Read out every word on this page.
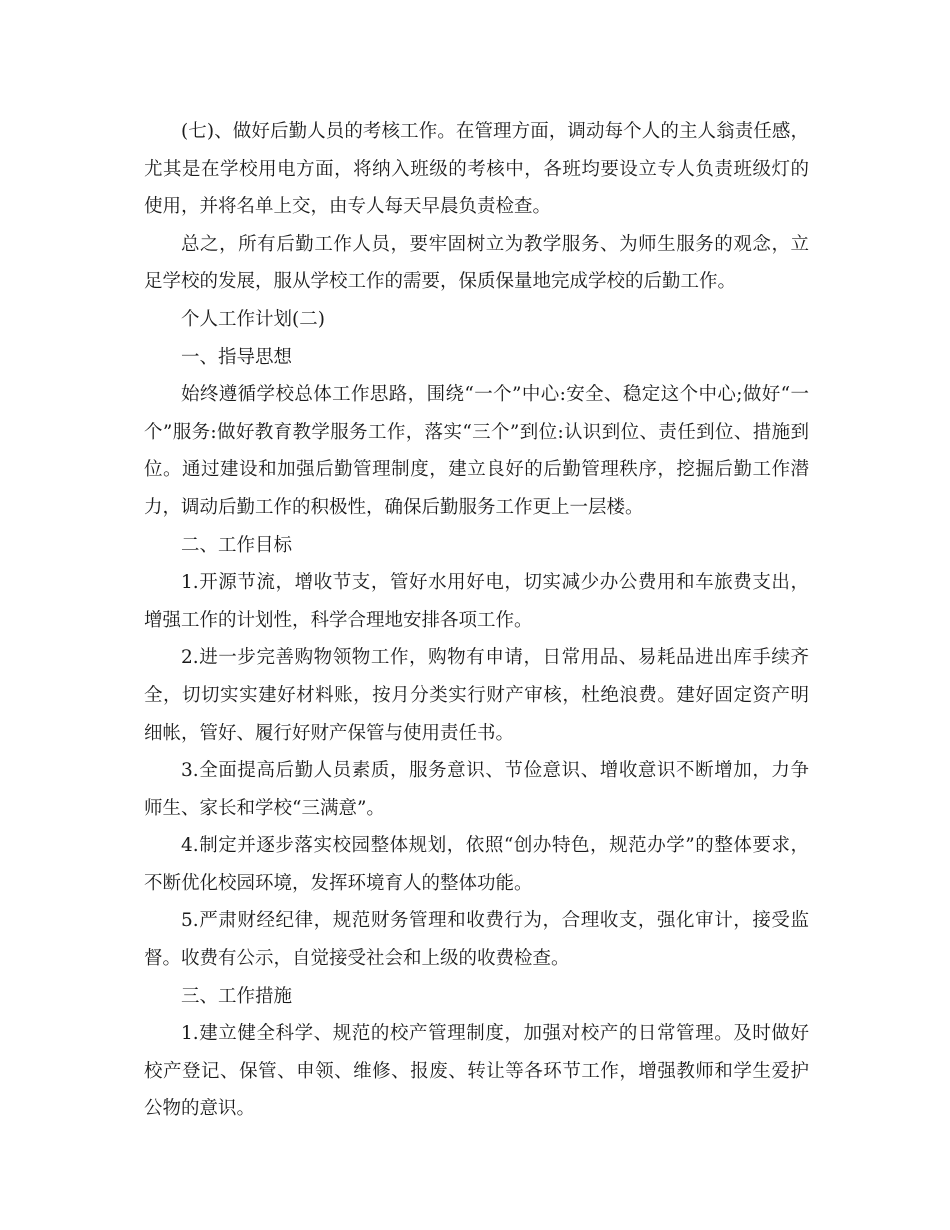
(七)、做好后勤人员的考核工作。在管理方面，调动每个人的主人翁责任感，尤其是在学校用电方面，将纳入班级的考核中，各班均要设立专人负责班级灯的使用，并将名单上交，由专人每天早晨负责检查。

总之，所有后勤工作人员，要牢固树立为教学服务、为师生服务的观念，立足学校的发展，服从学校工作的需要，保质保量地完成学校的后勤工作。

个人工作计划(二)

一、指导思想

始终遵循学校总体工作思路，围绕“一个”中心:安全、稳定这个中心;做好“一个”服务:做好教育教学服务工作，落实“三个”到位:认识到位、责任到位、措施到位。通过建设和加强后勤管理制度，建立良好的后勤管理秩序，挖掘后勤工作潜力，调动后勤工作的积极性，确保后勤服务工作更上一层楼。

二、工作目标

1.开源节流，增收节支，管好水用好电，切实减少办公费用和车旅费支出，增强工作的计划性，科学合理地安排各项工作。

2.进一步完善购物领物工作，购物有申请，日常用品、易耗品进出库手续齐全，切切实实建好材料账，按月分类实行财产审核，杜绝浪费。建好固定资产明细帐，管好、履行好财产保管与使用责任书。

3.全面提高后勤人员素质，服务意识、节俭意识、增收意识不断增加，力争师生、家长和学校“三满意”。

4.制定并逐步落实校园整体规划，依照“创办特色，规范办学”的整体要求，不断优化校园环境，发挥环境育人的整体功能。

5.严肃财经纪律，规范财务管理和收费行为，合理收支，强化审计，接受监督。收费有公示，自觉接受社会和上级的收费检查。

三、工作措施

1.建立健全科学、规范的校产管理制度，加强对校产的日常管理。及时做好校产登记、保管、申领、维修、报废、转让等各环节工作，增强教师和学生爱护公物的意识。
